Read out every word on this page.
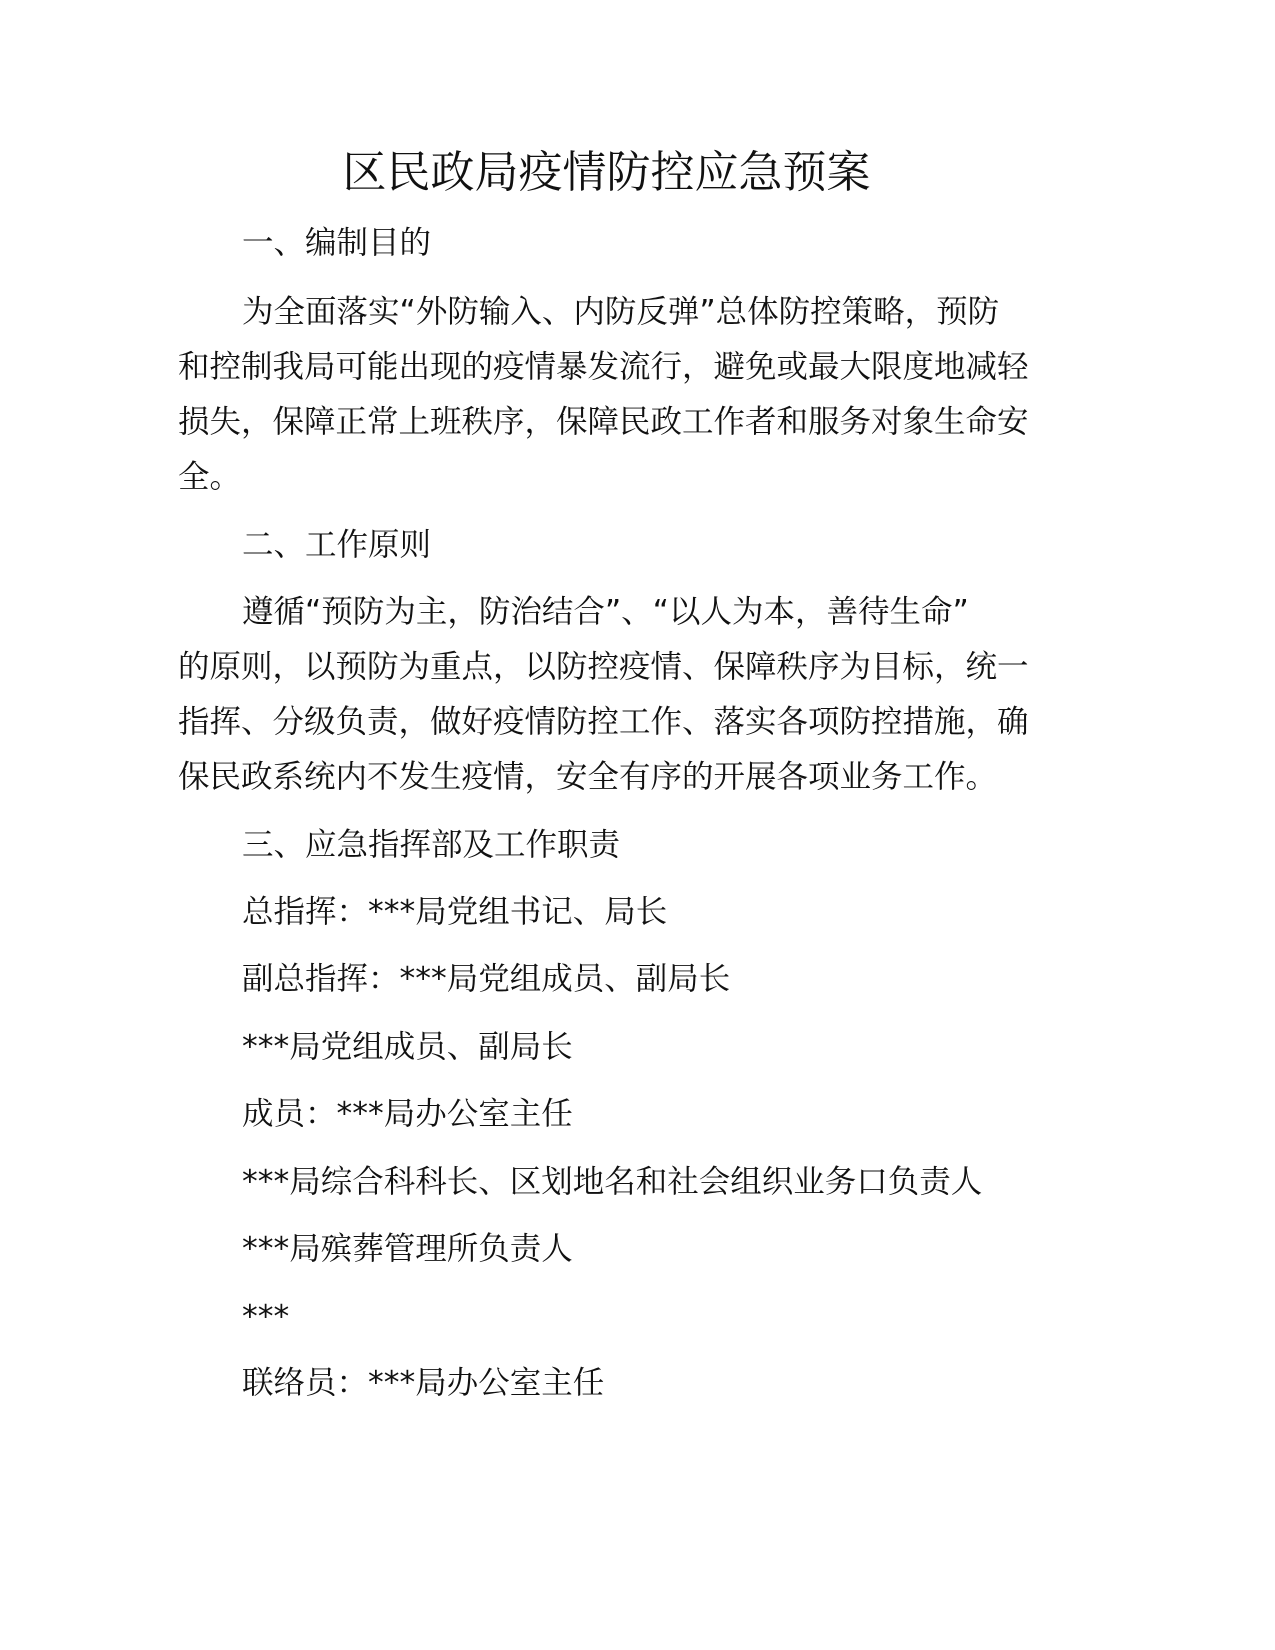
区民政局疫情防控应急预案
一、编制目的
为全面落实“外防输入、内防反弹”总体防控策略，预防
和控制我局可能出现的疫情暴发流行，避免或最大限度地减轻
损失，保障正常上班秩序，保障民政工作者和服务对象生命安
全。
二、工作原则
遵循“预防为主，防治结合”、“以人为本，善待生命”
的原则，以预防为重点，以防控疫情、保障秩序为目标，统一
指挥、分级负责，做好疫情防控工作、落实各项防控措施，确
保民政系统内不发生疫情，安全有序的开展各项业务工作。
三、应急指挥部及工作职责
总指挥：***局党组书记、局长
副总指挥：***局党组成员、副局长
***局党组成员、副局长
成员：***局办公室主任
***局综合科科长、区划地名和社会组织业务口负责人
***局殡葬管理所负责人
***
联络员：***局办公室主任
